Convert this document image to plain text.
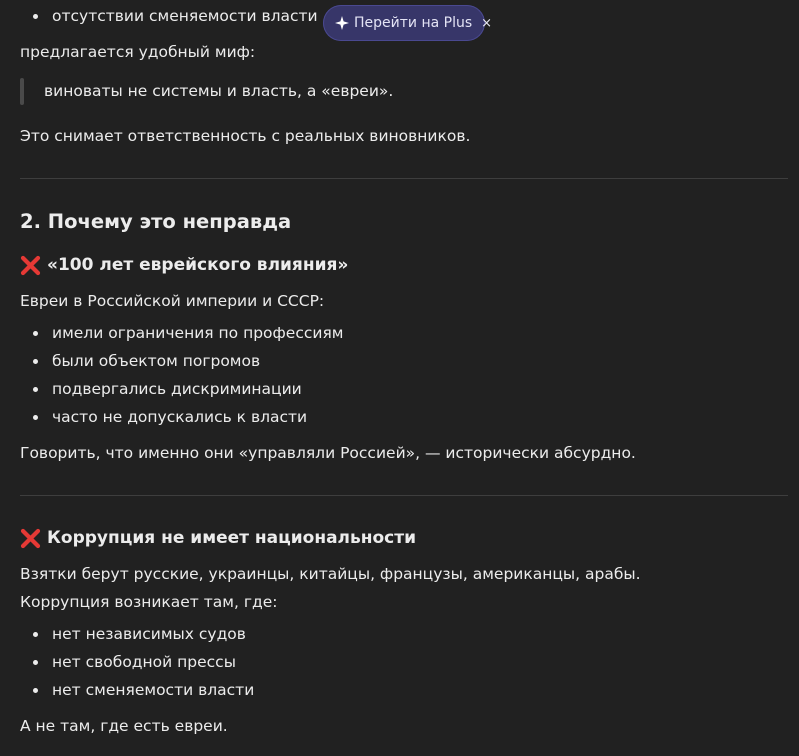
отсутствии сменяемости власти	Перейти на Plus ×
предлагается удобный миф:
виноваты не системы и власть, а «евреи».
Это снимает ответственность с реальных виновников.
2. Почему это неправда
«100 лет еврейского влияния»
Евреи в Российской империи и СССР:
имели ограничения по профессиям
были объектом погромов
подвергались дискриминации
часто не допускались к власти
Говорить, что именно они «управляли Россией», — исторически абсурдно.
Коррупция не имеет национальности
Взятки берут русские, украинцы, китайцы, французы, американцы, арабы.
Коррупция возникает там, где:
нет независимых судов
нет свободной прессы
нет сменяемости власти
А не там, где есть евреи.
